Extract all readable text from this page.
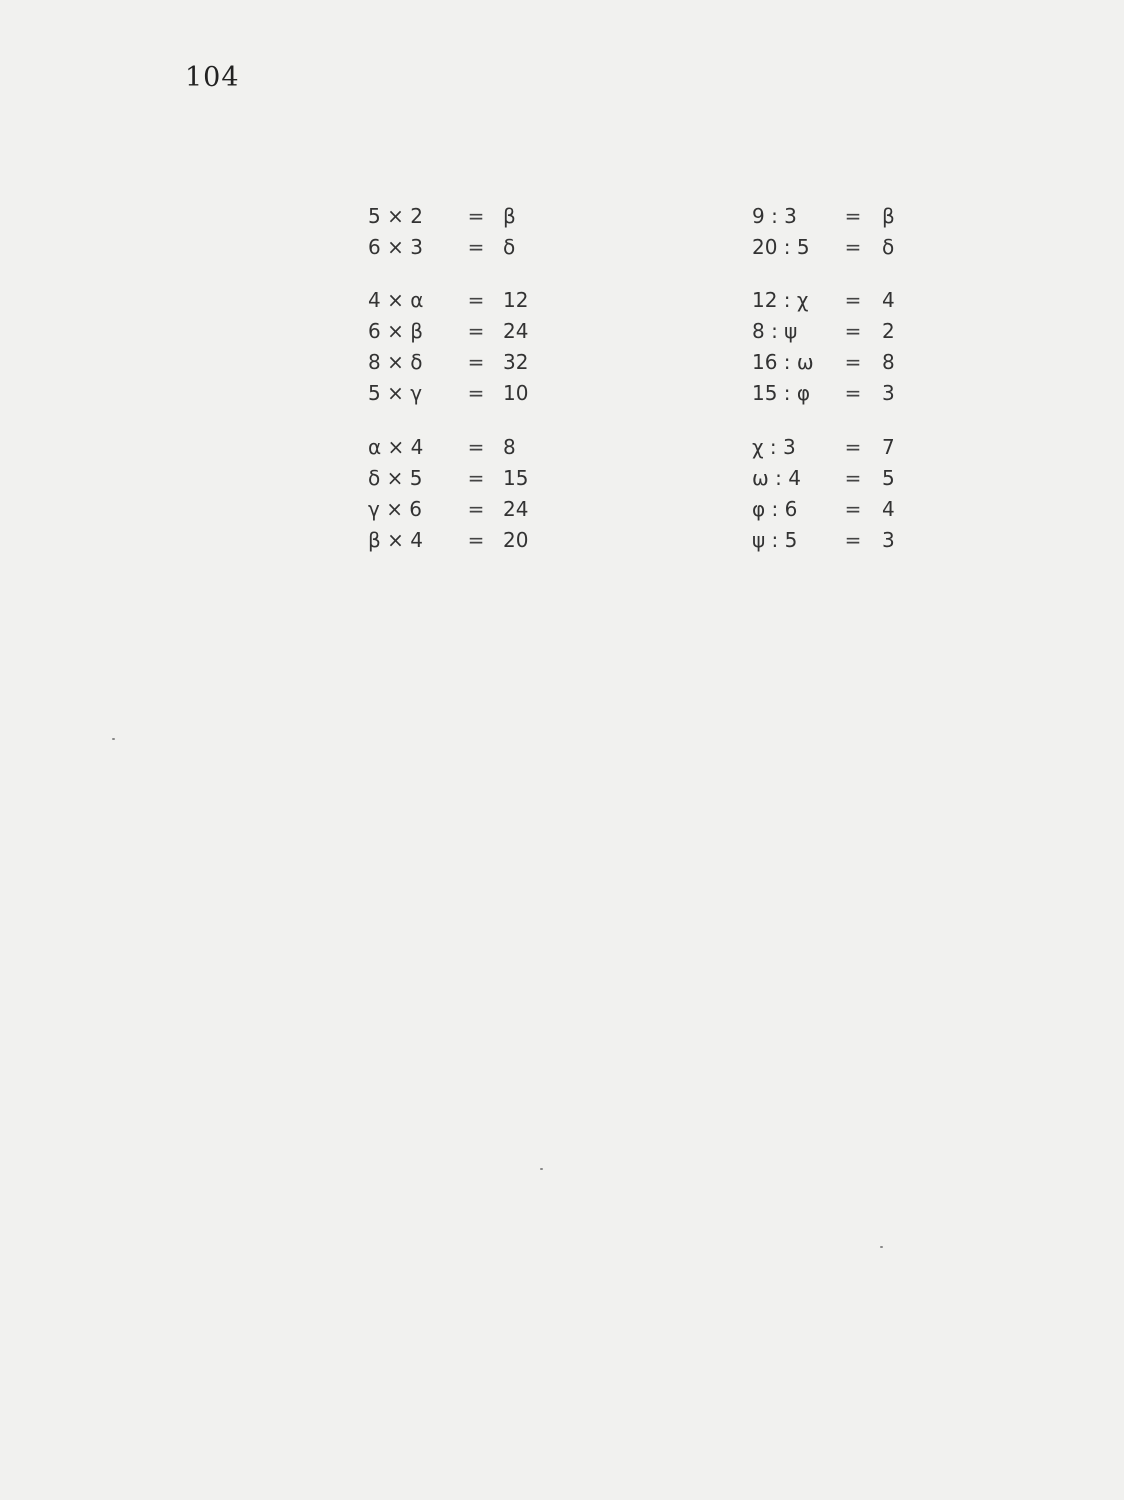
104
5 × 2	= β
6 × 3	= δ
4 × α	= 12
6 × β	= 24
8 × δ	= 32
5 × γ	= 10
α × 4	= 8
δ × 5	= 15
γ × 6	= 24
β × 4	= 20
9 : 3	=	β
20 : 5	=	δ
12 : χ	=	4
8 : ψ	=	2
16 : ω	=	8
15 : φ	=	3
χ : 3	=	7
ω : 4	=	5
φ : 6	=	4
ψ : 5	=	3
